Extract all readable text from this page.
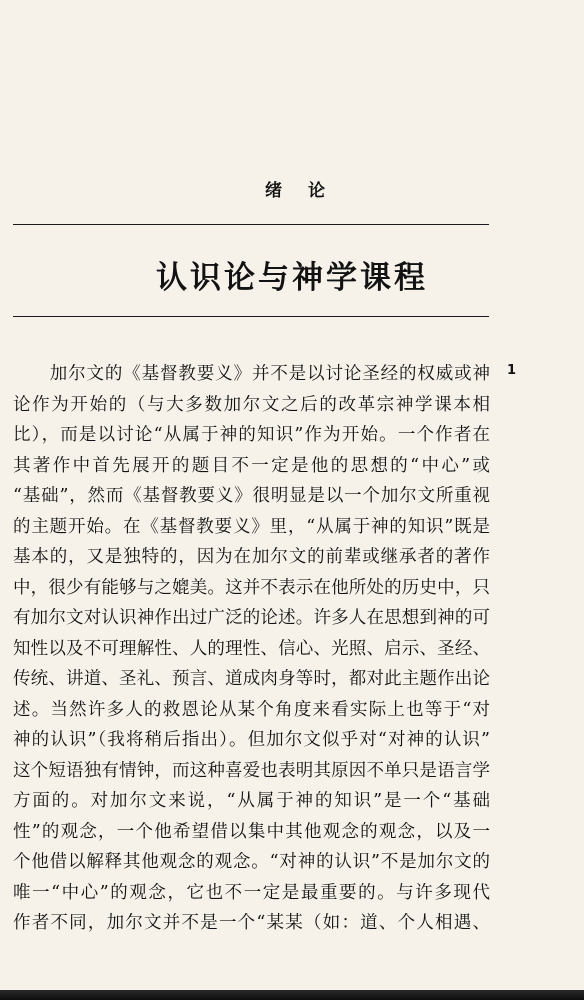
绪 论
认识论与神学课程
1
　　加尔文的《基督教要义》并不是以讨论圣经的权威或神
论作为开始的（与大多数加尔文之后的改革宗神学课本相
比），而是以讨论“从属于神的知识”作为开始。一个作者在
其著作中首先展开的题目不一定是他的思想的“中心”或
“基础”，然而《基督教要义》很明显是以一个加尔文所重视
的主题开始。在《基督教要义》里，“从属于神的知识”既是
基本的，又是独特的，因为在加尔文的前辈或继承者的著作
中，很少有能够与之媲美。这并不表示在他所处的历史中，只
有加尔文对认识神作出过广泛的论述。许多人在思想到神的可
知性以及不可理解性、人的理性、信心、光照、启示、圣经、
传统、讲道、圣礼、预言、道成肉身等时，都对此主题作出论
述。当然许多人的救恩论从某个角度来看实际上也等于“对
神的认识”（我将稍后指出）。但加尔文似乎对“对神的认识”
这个短语独有情钟，而这种喜爱也表明其原因不单只是语言学
方面的。对加尔文来说，“从属于神的知识”是一个“基础
性”的观念，一个他希望借以集中其他观念的观念，以及一
个他借以解释其他观念的观念。“对神的认识”不是加尔文的
唯一“中心”的观念，它也不一定是最重要的。与许多现代
作者不同，加尔文并不是一个“某某（如：道、个人相遇、
